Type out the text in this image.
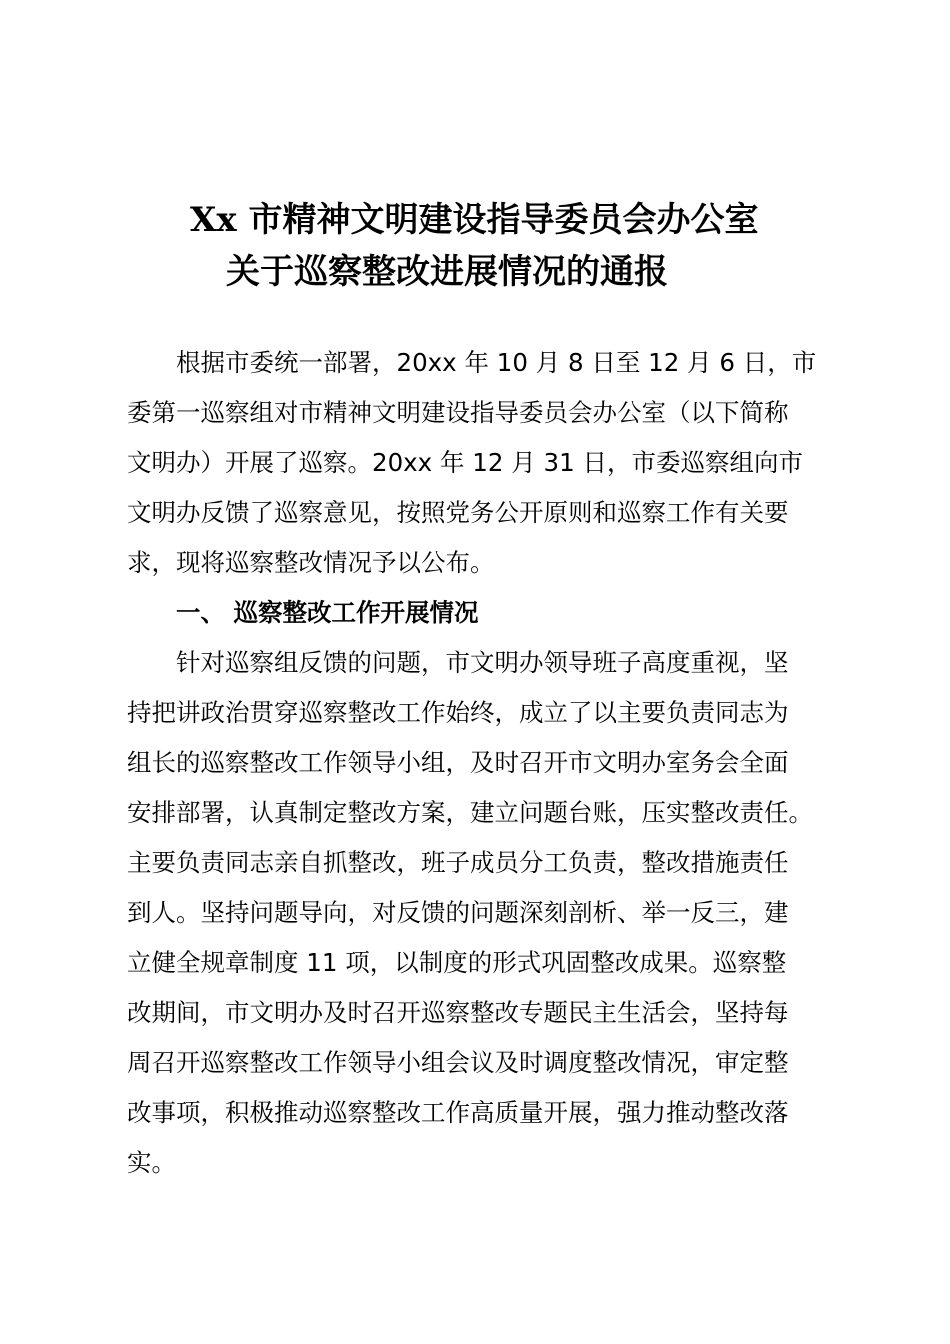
Xx 市精神文明建设指导委员会办公室
关于巡察整改进展情况的通报
根据市委统一部署，20xx 年 10 月 8 日至 12 月 6 日，市
委第一巡察组对市精神文明建设指导委员会办公室（以下简称
文明办）开展了巡察。20xx 年 12 月 31 日，市委巡察组向市
文明办反馈了巡察意见，按照党务公开原则和巡察工作有关要
求，现将巡察整改情况予以公布。
一、 巡察整改工作开展情况
针对巡察组反馈的问题，市文明办领导班子高度重视，坚
持把讲政治贯穿巡察整改工作始终，成立了以主要负责同志为
组长的巡察整改工作领导小组，及时召开市文明办室务会全面
安排部署，认真制定整改方案，建立问题台账，压实整改责任。
主要负责同志亲自抓整改，班子成员分工负责，整改措施责任
到人。坚持问题导向，对反馈的问题深刻剖析、举一反三，建
立健全规章制度 11 项，以制度的形式巩固整改成果。巡察整
改期间，市文明办及时召开巡察整改专题民主生活会，坚持每
周召开巡察整改工作领导小组会议及时调度整改情况，审定整
改事项，积极推动巡察整改工作高质量开展，强力推动整改落
实。
